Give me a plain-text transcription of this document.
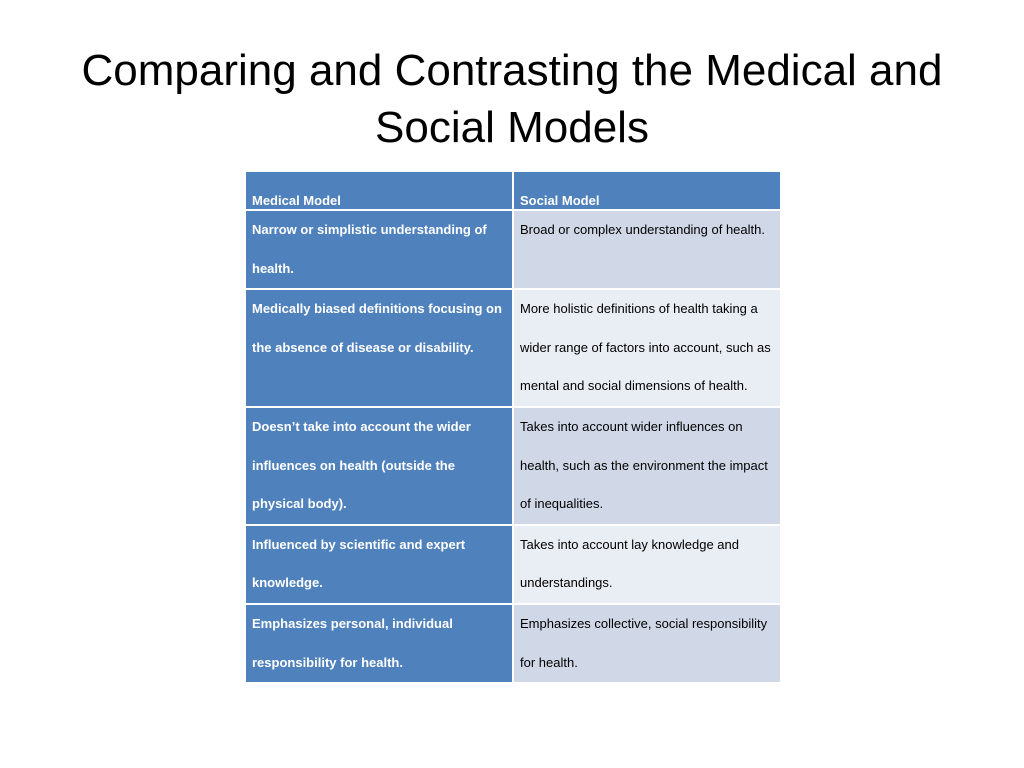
Comparing and Contrasting the Medical and Social Models
Medical Model	Social Model
Narrow or simplistic understanding of health.	Broad or complex understanding of health.
Medically biased definitions focusing on the absence of disease or disability.	More holistic definitions of health taking a wider range of factors into account, such as mental and social dimensions of health.
Doesn’t take into account the wider influences on health (outside the physical body).	Takes into account wider influences on health, such as the environment the impact of inequalities.
Influenced by scientific and expert knowledge.	Takes into account lay knowledge and understandings.
Emphasizes personal, individual responsibility for health.	Emphasizes collective, social responsibility for health.
